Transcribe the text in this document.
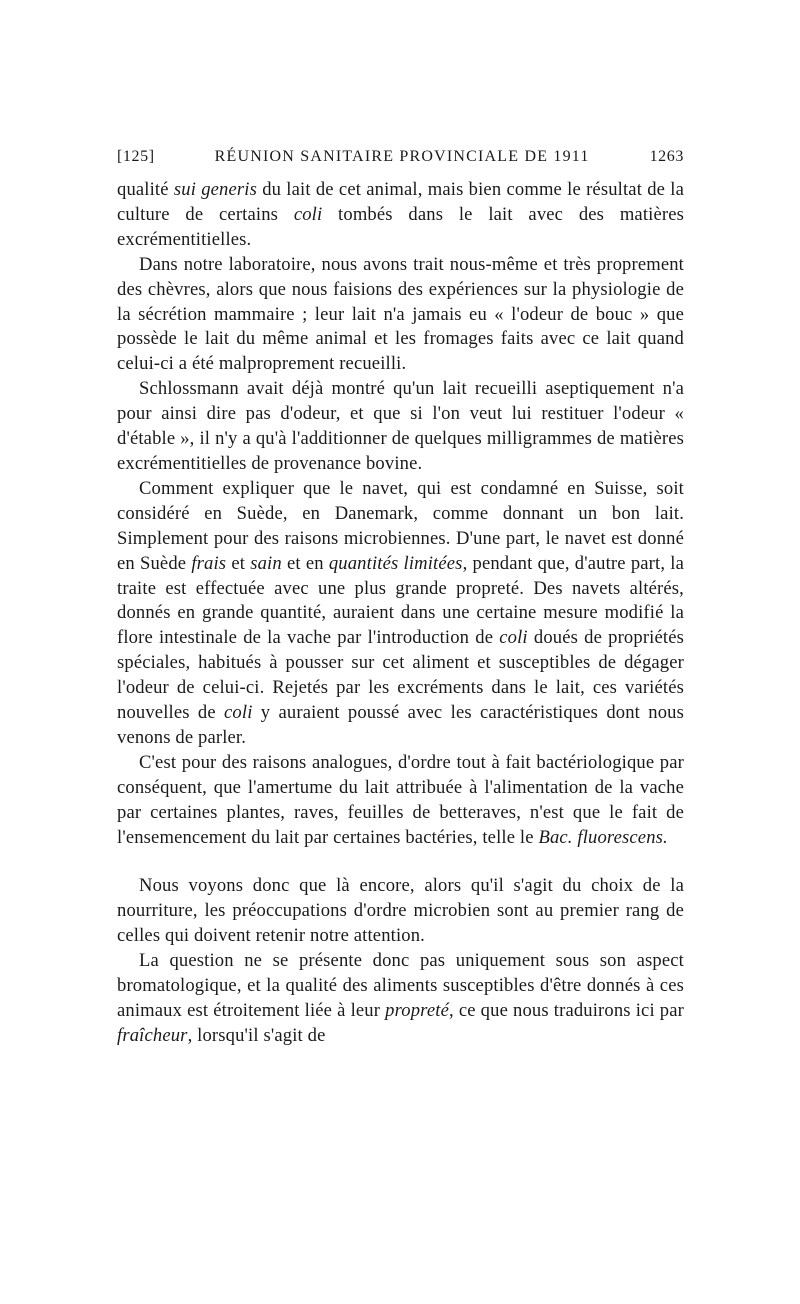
[125]	RÉUNION SANITAIRE PROVINCIALE DE 1911	1263

qualité sui generis du lait de cet animal, mais bien comme le résultat de la culture de certains coli tombés dans le lait avec des matières excrémentitielles.

Dans notre laboratoire, nous avons trait nous-même et très proprement des chèvres, alors que nous faisions des expériences sur la physiologie de la sécrétion mammaire ; leur lait n'a jamais eu « l'odeur de bouc » que possède le lait du même animal et les fromages faits avec ce lait quand celui-ci a été malproprement recueilli.

Schlossmann avait déjà montré qu'un lait recueilli aseptiquement n'a pour ainsi dire pas d'odeur, et que si l'on veut lui restituer l'odeur « d'étable », il n'y a qu'à l'additionner de quelques milligrammes de matières excrémentitielles de provenance bovine.

Comment expliquer que le navet, qui est condamné en Suisse, soit considéré en Suède, en Danemark, comme donnant un bon lait. Simplement pour des raisons microbiennes. D'une part, le navet est donné en Suède frais et sain et en quantités limitées, pendant que, d'autre part, la traite est effectuée avec une plus grande propreté. Des navets altérés, donnés en grande quantité, auraient dans une certaine mesure modifié la flore intestinale de la vache par l'introduction de coli doués de propriétés spéciales, habitués à pousser sur cet aliment et susceptibles de dégager l'odeur de celui-ci. Rejetés par les excréments dans le lait, ces variétés nouvelles de coli y auraient poussé avec les caractéristiques dont nous venons de parler.

C'est pour des raisons analogues, d'ordre tout à fait bactériologique par conséquent, que l'amertume du lait attribuée à l'alimentation de la vache par certaines plantes, raves, feuilles de betteraves, n'est que le fait de l'ensemencement du lait par certaines bactéries, telle le Bac. fluorescens.

Nous voyons donc que là encore, alors qu'il s'agit du choix de la nourriture, les préoccupations d'ordre microbien sont au premier rang de celles qui doivent retenir notre attention.

La question ne se présente donc pas uniquement sous son aspect bromatologique, et la qualité des aliments susceptibles d'être donnés à ces animaux est étroitement liée à leur propreté, ce que nous traduirons ici par fraîcheur, lorsqu'il s'agit de
